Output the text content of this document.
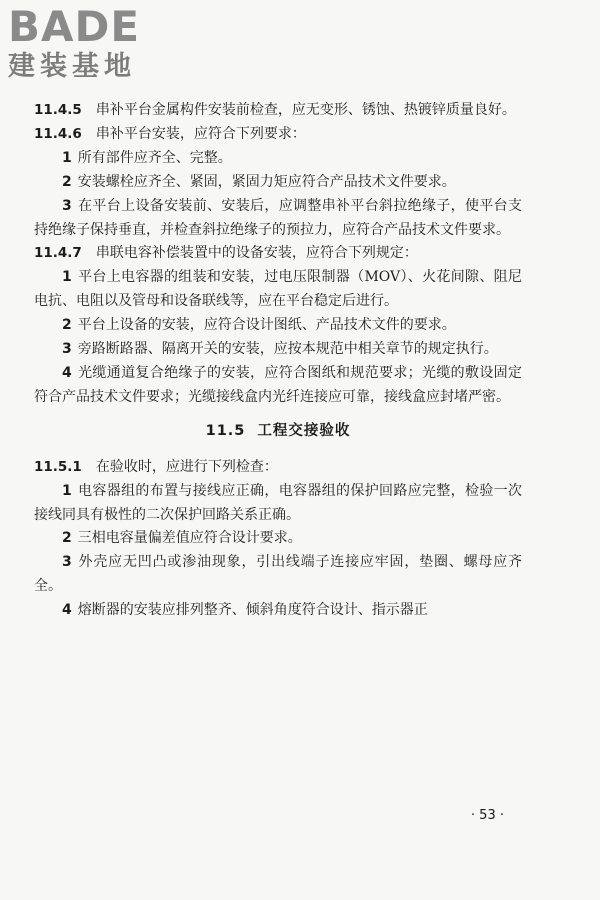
BADE
建装基地

11.4.5  串补平台金属构件安装前检查，应无变形、锈蚀、热镀锌质量良好。

11.4.6  串补平台安装，应符合下列要求：

1 所有部件应齐全、完整。

2 安装螺栓应齐全、紧固，紧固力矩应符合产品技术文件要求。

3 在平台上设备安装前、安装后，应调整串补平台斜拉绝缘子，使平台支持绝缘子保持垂直，并检查斜拉绝缘子的预拉力，应符合产品技术文件要求。

11.4.7  串联电容补偿装置中的设备安装，应符合下列规定：

1 平台上电容器的组装和安装，过电压限制器（MOV）、火花间隙、阻尼电抗、电阻以及管母和设备联线等，应在平台稳定后进行。

2 平台上设备的安装，应符合设计图纸、产品技术文件的要求。

3 旁路断路器、隔离开关的安装，应按本规范中相关章节的规定执行。

4 光缆通道复合绝缘子的安装，应符合图纸和规范要求；光缆的敷设固定符合产品技术文件要求；光缆接线盒内光纤连接应可靠，接线盒应封堵严密。

11.5 工程交接验收

11.5.1  在验收时，应进行下列检查：

1 电容器组的布置与接线应正确，电容器组的保护回路应完整，检验一次接线同具有极性的二次保护回路关系正确。

2 三相电容量偏差值应符合设计要求。

3 外壳应无凹凸或渗油现象，引出线端子连接应牢固，垫圈、螺母应齐全。

4 熔断器的安装应排列整齐、倾斜角度符合设计、指示器正

· 53 ·
